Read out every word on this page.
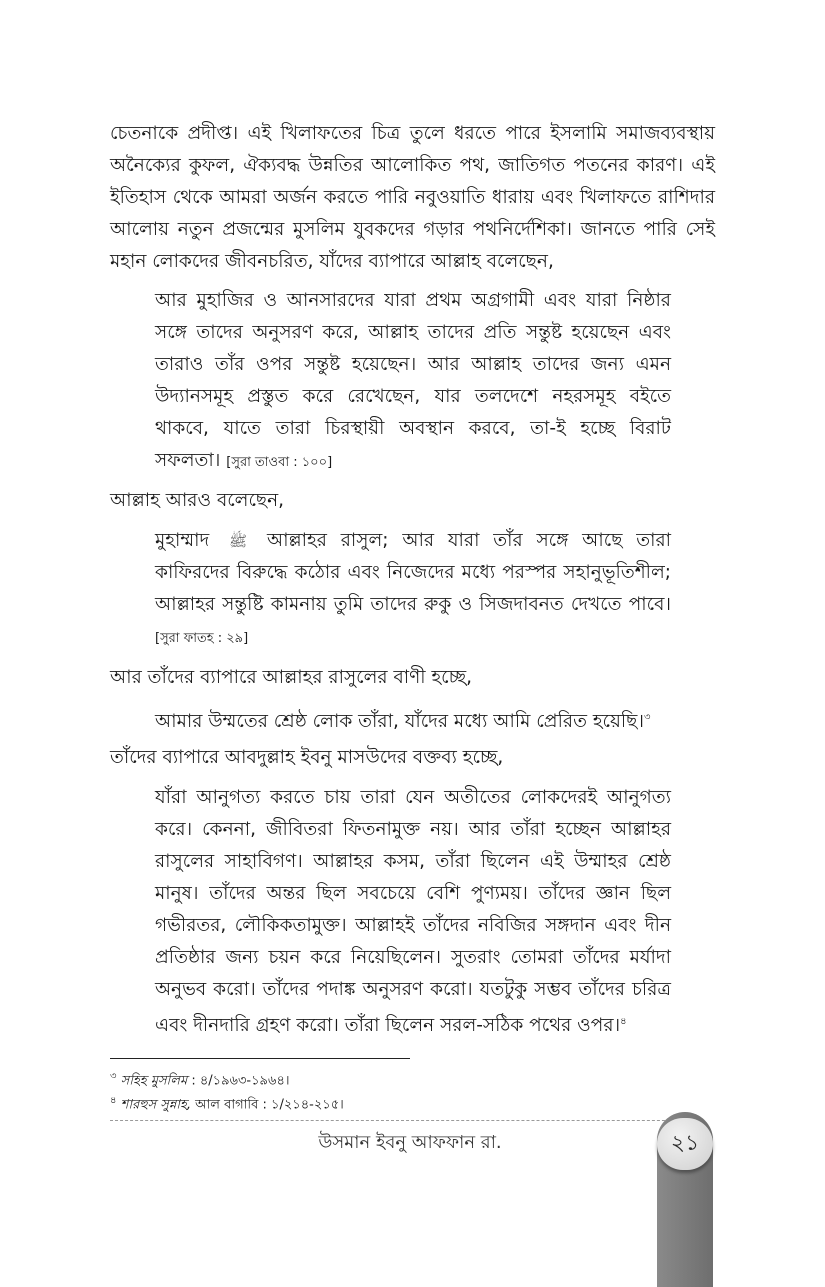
চেতনাকে প্রদীপ্ত। এই খিলাফতের চিত্র তুলে ধরতে পারে ইসলামি সমাজব্যবস্থায় অনৈক্যের কুফল, ঐক্যবদ্ধ উন্নতির আলোকিত পথ, জাতিগত পতনের কারণ। এই ইতিহাস থেকে আমরা অর্জন করতে পারি নবুওয়াতি ধারায় এবং খিলাফতে রাশিদার আলোয় নতুন প্রজন্মের মুসলিম যুবকদের গড়ার পথনির্দেশিকা। জানতে পারি সেই মহান লোকদের জীবনচরিত, যাঁদের ব্যাপারে আল্লাহ বলেছেন,

আর মুহাজির ও আনসারদের যারা প্রথম অগ্রগামী এবং যারা নিষ্ঠার সঙ্গে তাদের অনুসরণ করে, আল্লাহ তাদের প্রতি সন্তুষ্ট হয়েছেন এবং তারাও তাঁর ওপর সন্তুষ্ট হয়েছেন। আর আল্লাহ তাদের জন্য এমন উদ্যানসমূহ প্রস্তুত করে রেখেছেন, যার তলদেশে নহরসমূহ বইতে থাকবে, যাতে তারা চিরস্থায়ী অবস্থান করবে, তা-ই হচ্ছে বিরাট সফলতা। [সুরা তাওবা : ১০০]

আল্লাহ আরও বলেছেন,

মুহাম্মাদ ﷺ আল্লাহর রাসুল; আর যারা তাঁর সঙ্গে আছে তারা কাফিরদের বিরুদ্ধে কঠোর এবং নিজেদের মধ্যে পরস্পর সহানুভূতিশীল; আল্লাহর সন্তুষ্টি কামনায় তুমি তাদের রুকু ও সিজদাবনত দেখতে পাবে। [সুরা ফাতহ : ২৯]

আর তাঁদের ব্যাপারে আল্লাহর রাসুলের বাণী হচ্ছে,

আমার উম্মতের শ্রেষ্ঠ লোক তাঁরা, যাঁদের মধ্যে আমি প্রেরিত হয়েছি।$^৩$

তাঁদের ব্যাপারে আবদুল্লাহ ইবনু মাসউদের বক্তব্য হচ্ছে,

যাঁরা আনুগত্য করতে চায় তারা যেন অতীতের লোকদেরই আনুগত্য করে। কেননা, জীবিতরা ফিতনামুক্ত নয়। আর তাঁরা হচ্ছেন আল্লাহর রাসুলের সাহাবিগণ। আল্লাহর কসম, তাঁরা ছিলেন এই উম্মাহর শ্রেষ্ঠ মানুষ। তাঁদের অন্তর ছিল সবচেয়ে বেশি পুণ্যময়। তাঁদের জ্ঞান ছিল গভীরতর, লৌকিকতামুক্ত। আল্লাহই তাঁদের নবিজির সঙ্গদান এবং দীন প্রতিষ্ঠার জন্য চয়ন করে নিয়েছিলেন। সুতরাং তোমরা তাঁদের মর্যাদা অনুভব করো। তাঁদের পদাঙ্ক অনুসরণ করো। যতটুকু সম্ভব তাঁদের চরিত্র এবং দীনদারি গ্রহণ করো। তাঁরা ছিলেন সরল-সঠিক পথের ওপর।$^৪$

$^৩$ সহিহ মুসলিম : ৪/১৯৬৩-১৯৬৪।

$^৪$ শারহুস সুন্নাহ, আল বাগাবি : ১/২১৪-২১৫।

উসমান ইবনু আফফান রা.	২১
